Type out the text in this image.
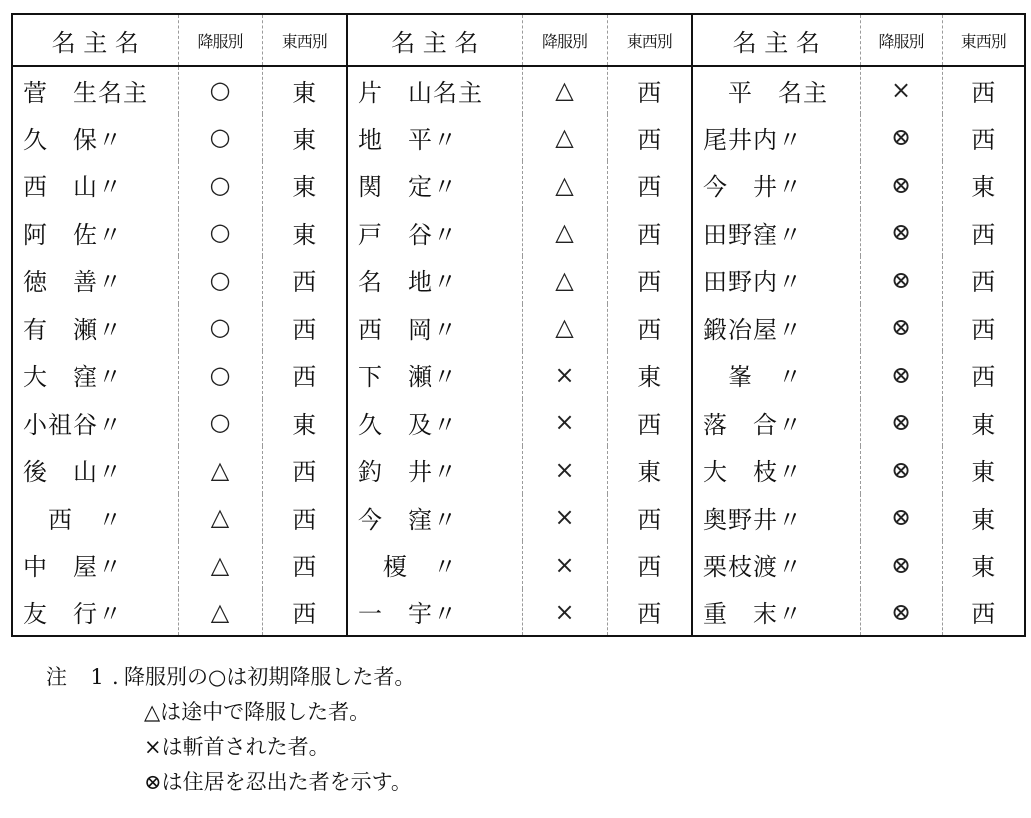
名 主 名	降服別	東西別	名 主 名	降服別	東西別	名 主 名	降服別	東西別
菅　生名主	○	東	片　山名主	△	西	　平　名主	×	西
久　保〃	○	東	地　平〃	△	西	尾井内〃	⊗	西
西　山〃	○	東	関　定〃	△	西	今　井〃	⊗	東
阿　佐〃	○	東	戸　谷〃	△	西	田野窪〃	⊗	西
徳　善〃	○	西	名　地〃	△	西	田野内〃	⊗	西
有　瀬〃	○	西	西　岡〃	△	西	鍛冶屋〃	⊗	西
大　窪〃	○	西	下　瀬〃	×	東	　峯　〃	⊗	西
小祖谷〃	○	東	久　及〃	×	西	落　合〃	⊗	東
後　山〃	△	西	釣　井〃	×	東	大　枝〃	⊗	東
　西　〃	△	西	今　窪〃	×	西	奥野井〃	⊗	東
中　屋〃	△	西	　榎　〃	×	西	栗枝渡〃	⊗	東
友　行〃	△	西	一　宇〃	×	西	重　末〃	⊗	西
注	1 . 降服別の○は初期降服した者。
△は途中で降服した者。
×は斬首された者。
⊗は住居を忍出た者を示す。
